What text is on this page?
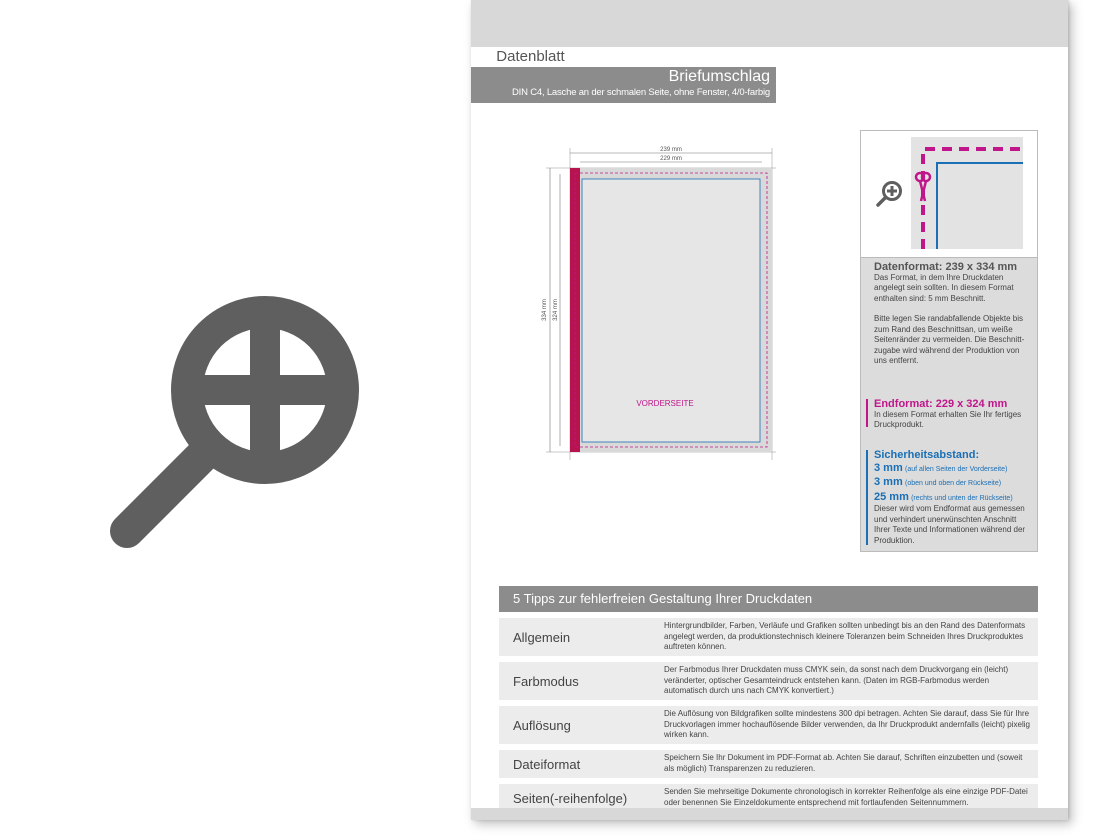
Datenblatt
Briefumschlag
DIN C4, Lasche an der schmalen Seite, ohne Fenster, 4/0-farbig
239 mm
229 mm
334 mm 324 mm
VORDERSEITE
Datenformat: 239 x 334 mm
Das Format, in dem Ihre Druckdaten angelegt sein sollten. In diesem Format enthalten sind: 5 mm Beschnitt.
Bitte legen Sie randabfallende Objekte bis zum Rand des Beschnittsan, um weiße Seitenränder zu vermeiden. Die Beschnitt-zugabe wird während der Produktion von uns entfernt.
Endformat: 229 x 324 mm
In diesem Format erhalten Sie Ihr fertiges Druckprodukt.
Sicherheitsabstand:
3 mm (auf allen Seiten der Vorderseite)
3 mm (oben und oben der Rückseite)
25 mm (rechts und unten der Rückseite)
Dieser wird vom Endformat aus gemessen und verhindert unerwünschten Anschnitt Ihrer Texte und Informationen während der Produktion.
5 Tipps zur fehlerfreien Gestaltung Ihrer Druckdaten
Allgemein
Hintergrundbilder, Farben, Verläufe und Grafiken sollten unbedingt bis an den Rand des Datenformats angelegt werden, da produktionstechnisch kleinere Toleranzen beim Schneiden Ihres Druckproduktes auftreten können.
Farbmodus
Der Farbmodus Ihrer Druckdaten muss CMYK sein, da sonst nach dem Druckvorgang ein (leicht) veränderter, optischer Gesamteindruck entstehen kann. (Daten im RGB-Farbmodus werden automatisch durch uns nach CMYK konvertiert.)
Auflösung
Die Auflösung von Bildgrafiken sollte mindestens 300 dpi betragen. Achten Sie darauf, dass Sie für Ihre Druckvorlagen immer hochauflösende Bilder verwenden, da Ihr Druckprodukt andernfalls (leicht) pixelig wirken kann.
Dateiformat	Speichern Sie Ihr Dokument im PDF-Format ab. Achten Sie darauf, Schriften einzubetten und (soweit als möglich) Transparenzen zu reduzieren.
Seiten(-reihenfolge)	Senden Sie mehrseitige Dokumente chronologisch in korrekter Reihenfolge als eine einzige PDF-Datei oder benennen Sie Einzeldokumente entsprechend mit fortlaufenden Seitennummern.
